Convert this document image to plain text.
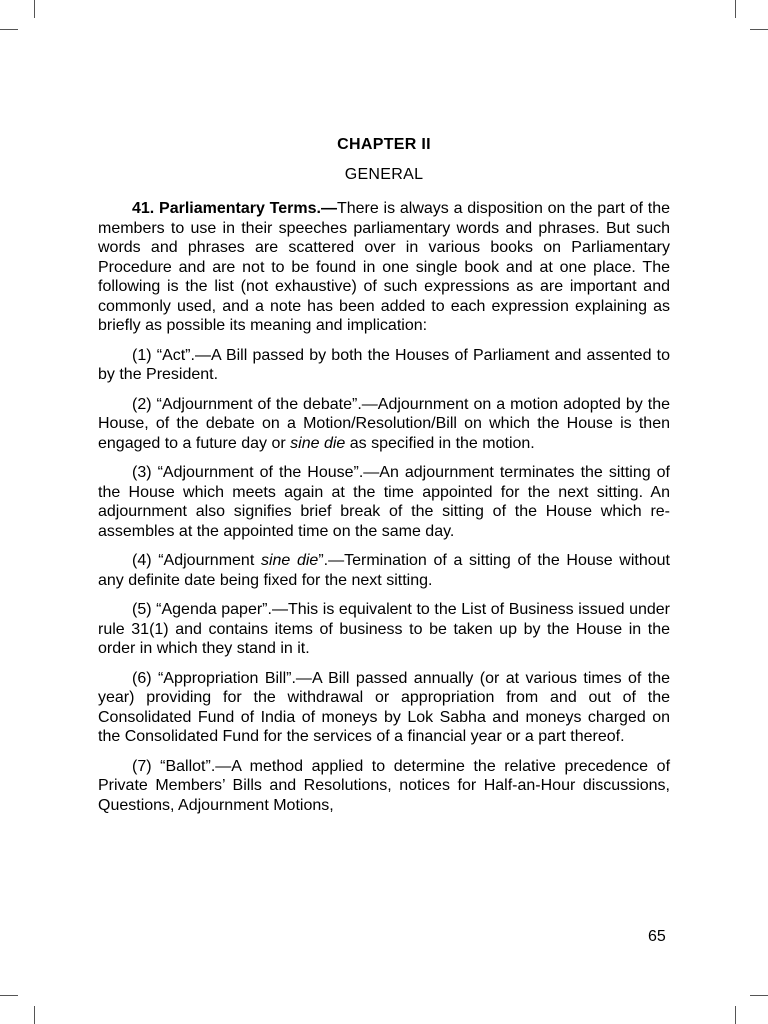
CHAPTER II
GENERAL

41. Parliamentary Terms.—There is always a disposition on the part of the members to use in their speeches parliamentary words and phrases. But such words and phrases are scattered over in various books on Parliamentary Procedure and are not to be found in one single book and at one place. The following is the list (not exhaustive) of such expressions as are important and commonly used, and a note has been added to each expression explaining as briefly as possible its meaning and implication:

(1) “Act”.—A Bill passed by both the Houses of Parliament and assented to by the President.

(2) “Adjournment of the debate”.—Adjournment on a motion adopted by the House, of the debate on a Motion/Resolution/Bill on which the House is then engaged to a future day or sine die as specified in the motion.

(3) “Adjournment of the House”.—An adjournment terminates the sitting of the House which meets again at the time appointed for the next sitting. An adjournment also signifies brief break of the sitting of the House which re-assembles at the appointed time on the same day.

(4) “Adjournment sine die”.—Termination of a sitting of the House without any definite date being fixed for the next sitting.

(5) “Agenda paper”.—This is equivalent to the List of Business issued under rule 31(1) and contains items of business to be taken up by the House in the order in which they stand in it.

(6) “Appropriation Bill”.—A Bill passed annually (or at various times of the year) providing for the withdrawal or appropriation from and out of the Consolidated Fund of India of moneys by Lok Sabha and moneys charged on the Consolidated Fund for the services of a financial year or a part thereof.

(7) “Ballot”.—A method applied to determine the relative precedence of Private Members’ Bills and Resolutions, notices for Half-an-Hour discussions, Questions, Adjournment Motions,

65
